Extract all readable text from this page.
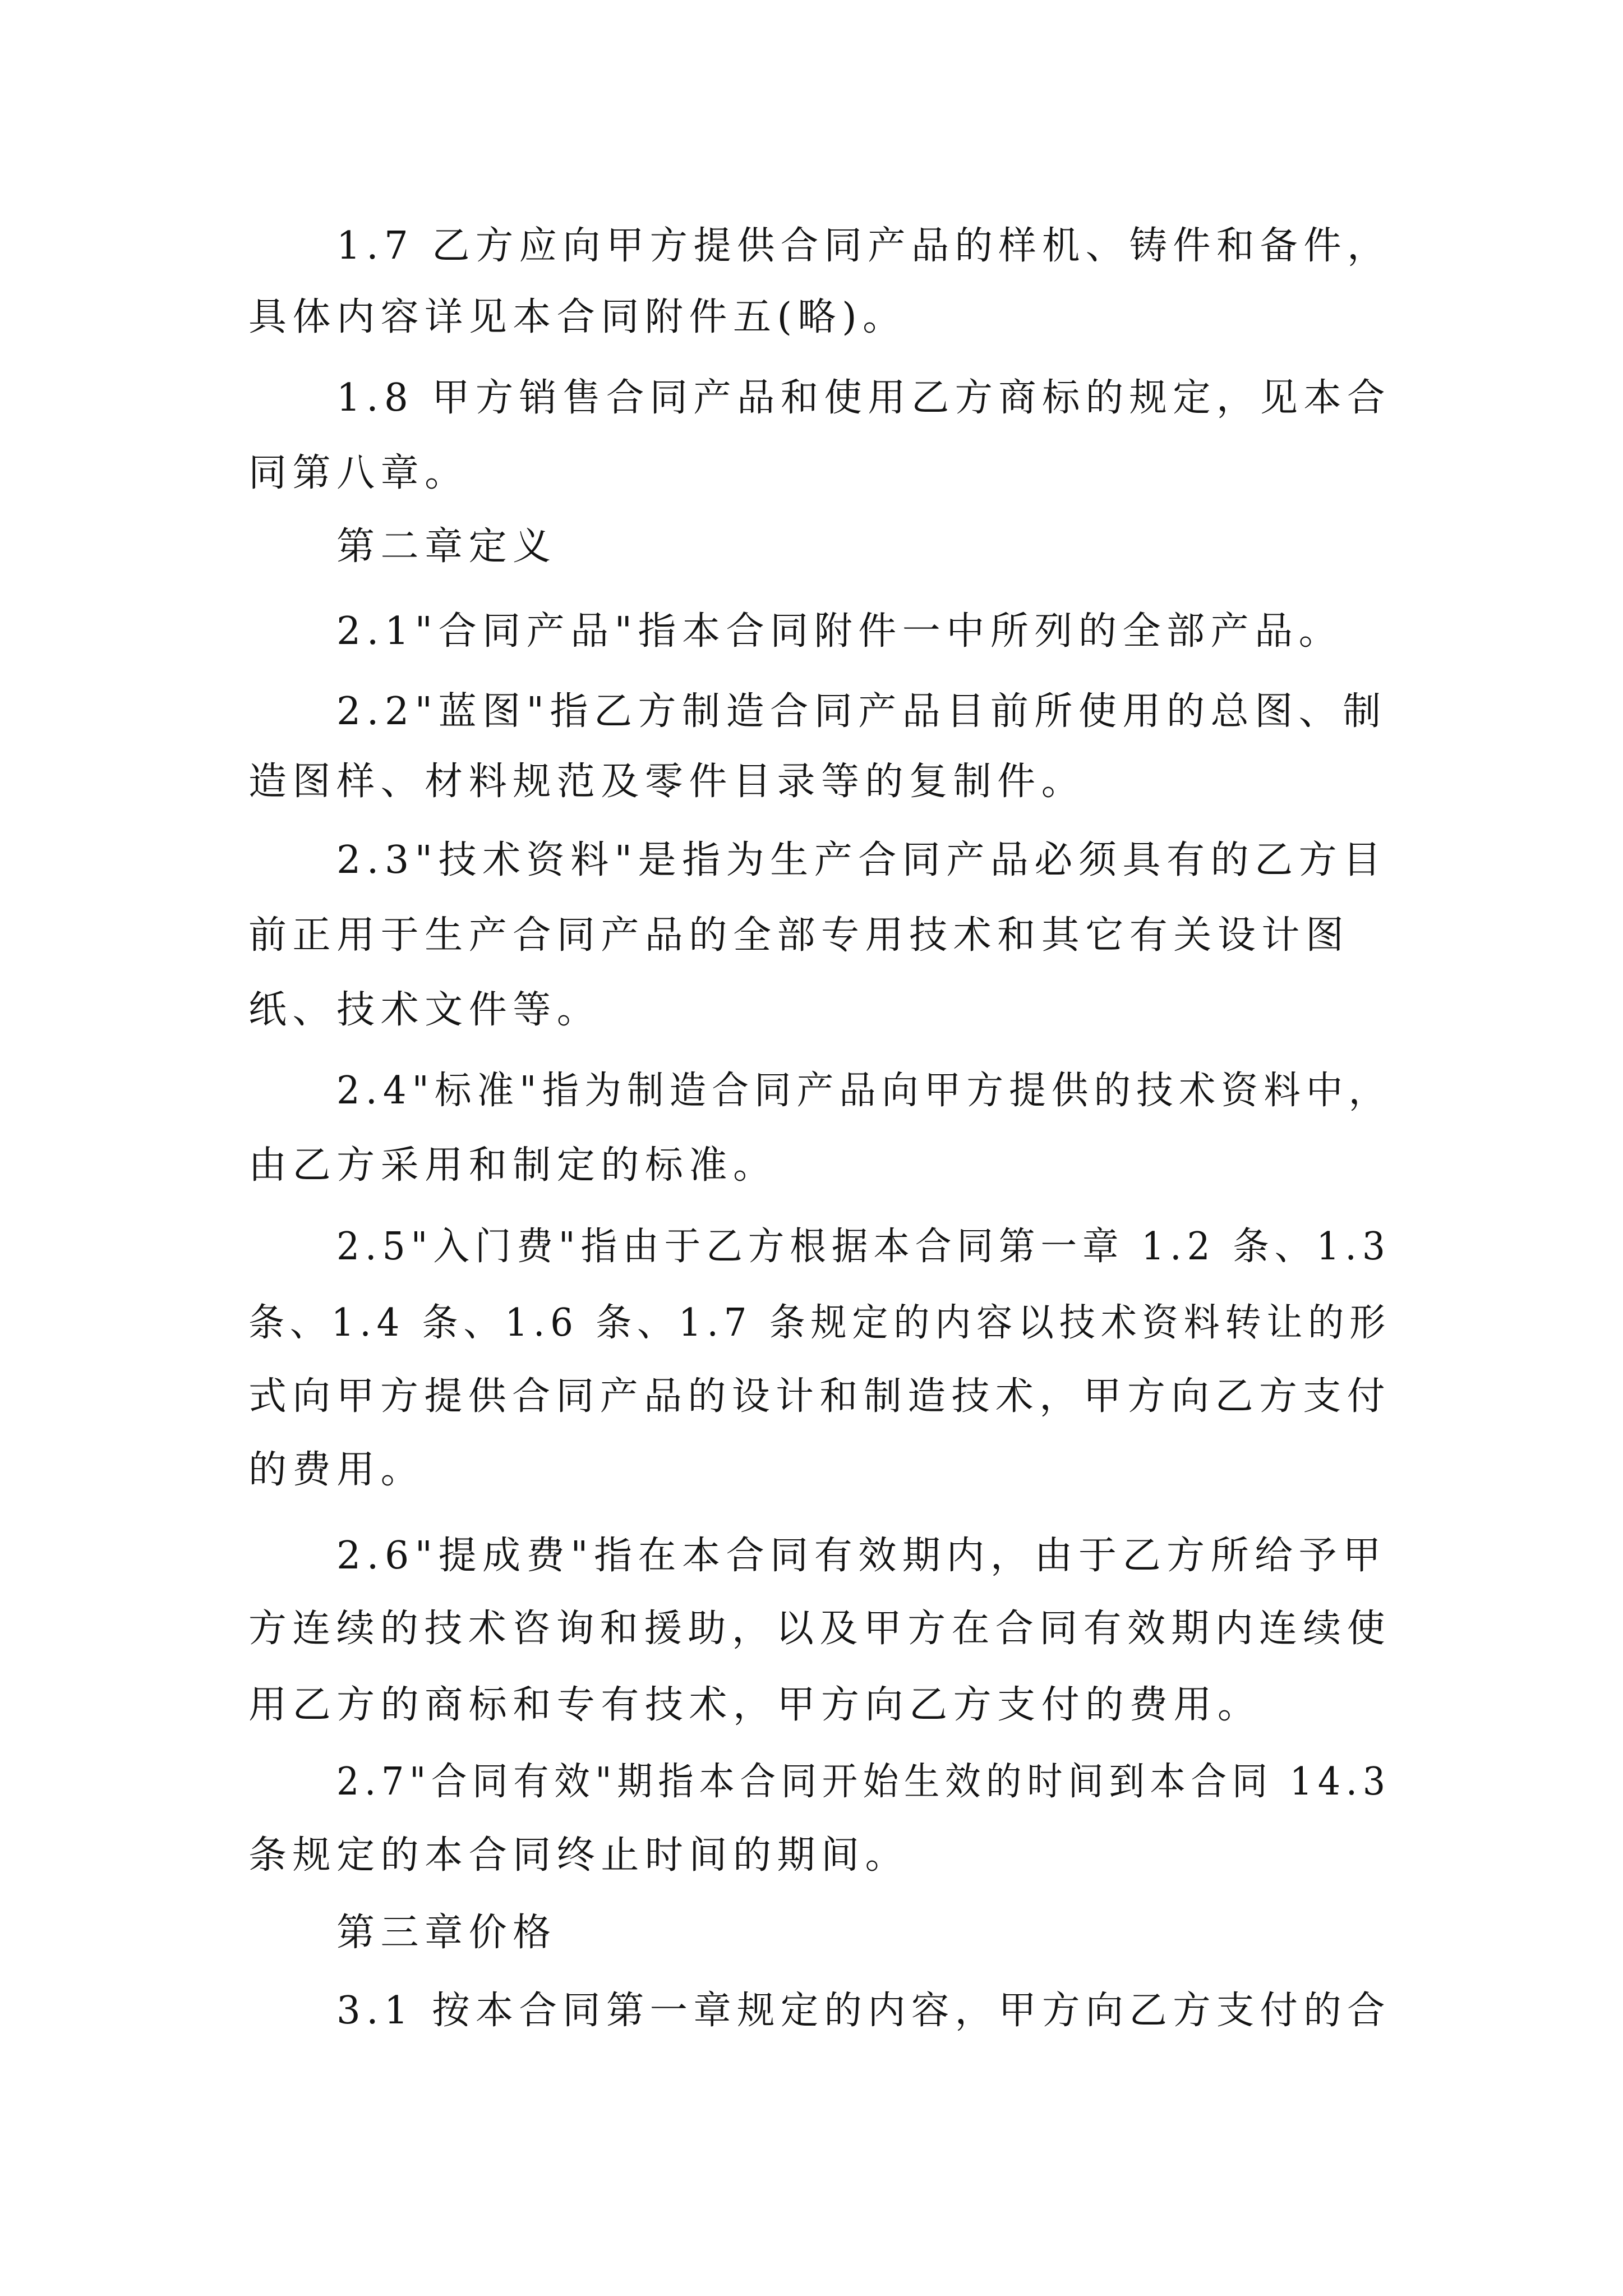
1.7 乙方应向甲方提供合同产品的样机、铸件和备件，
具体内容详见本合同附件五(略)。
1.8 甲方销售合同产品和使用乙方商标的规定，见本合
同第八章。
第二章定义
2.1"合同产品"指本合同附件一中所列的全部产品。
2.2"蓝图"指乙方制造合同产品目前所使用的总图、制
造图样、材料规范及零件目录等的复制件。
2.3"技术资料"是指为生产合同产品必须具有的乙方目
前正用于生产合同产品的全部专用技术和其它有关设计图
纸、技术文件等。
2.4"标准"指为制造合同产品向甲方提供的技术资料中，
由乙方采用和制定的标准。
2.5"入门费"指由于乙方根据本合同第一章 1.2 条、1.3
条、1.4 条、1.6 条、1.7 条规定的内容以技术资料转让的形
式向甲方提供合同产品的设计和制造技术，甲方向乙方支付
的费用。
2.6"提成费"指在本合同有效期内，由于乙方所给予甲
方连续的技术咨询和援助，以及甲方在合同有效期内连续使
用乙方的商标和专有技术，甲方向乙方支付的费用。
2.7"合同有效"期指本合同开始生效的时间到本合同 14.3
条规定的本合同终止时间的期间。
第三章价格
3.1 按本合同第一章规定的内容，甲方向乙方支付的合
